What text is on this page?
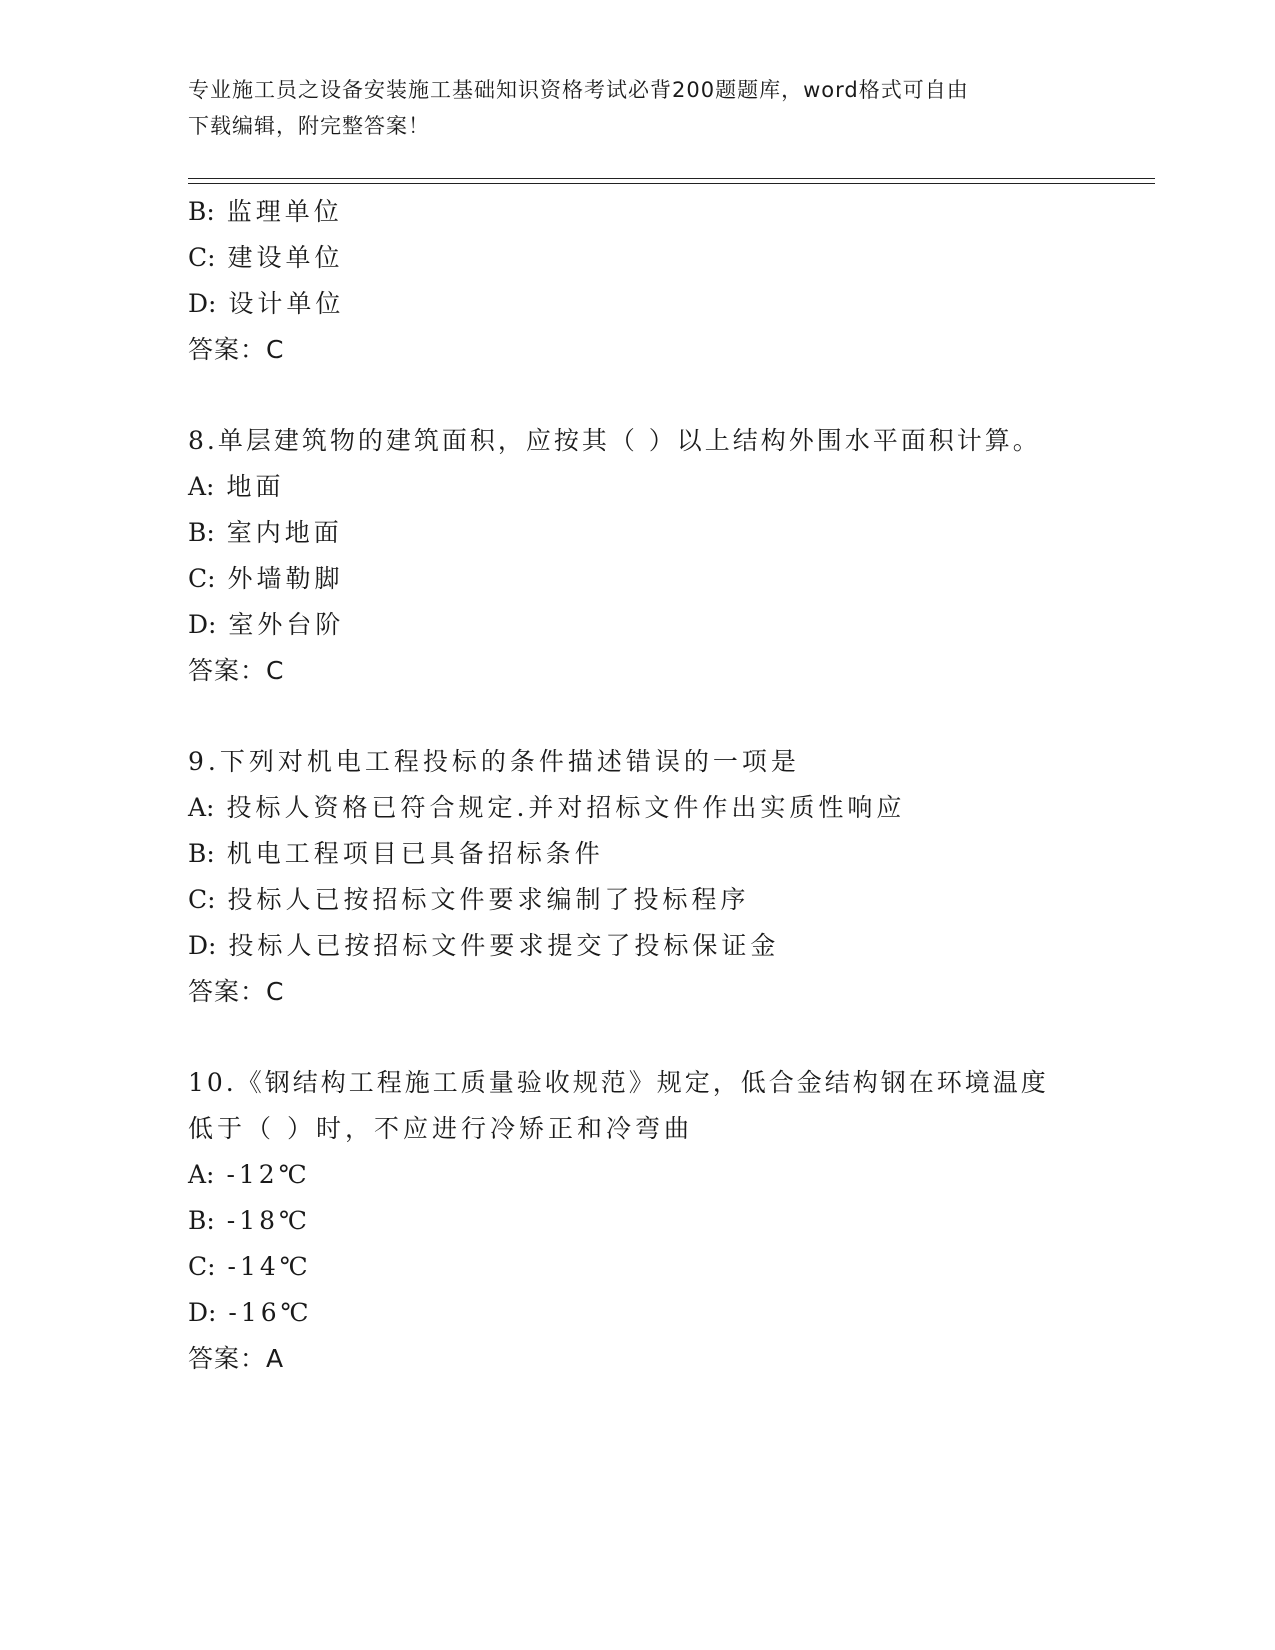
专业施工员之设备安装施工基础知识资格考试必背200题题库，word格式可自由
下载编辑，附完整答案！
B: 监理单位
C: 建设单位
D: 设计单位
答案：C
8.单层建筑物的建筑面积，应按其（ ）以上结构外围水平面积计算。
A: 地面
B: 室内地面
C: 外墙勒脚
D: 室外台阶
答案：C
9.下列对机电工程投标的条件描述错误的一项是
A: 投标人资格已符合规定.并对招标文件作出实质性响应
B: 机电工程项目已具备招标条件
C: 投标人已按招标文件要求编制了投标程序
D: 投标人已按招标文件要求提交了投标保证金
答案：C
10.《钢结构工程施工质量验收规范》规定，低合金结构钢在环境温度
低于（ ）时，不应进行冷矫正和冷弯曲
A: -12℃
B: -18℃
C: -14℃
D: -16℃
答案：A
